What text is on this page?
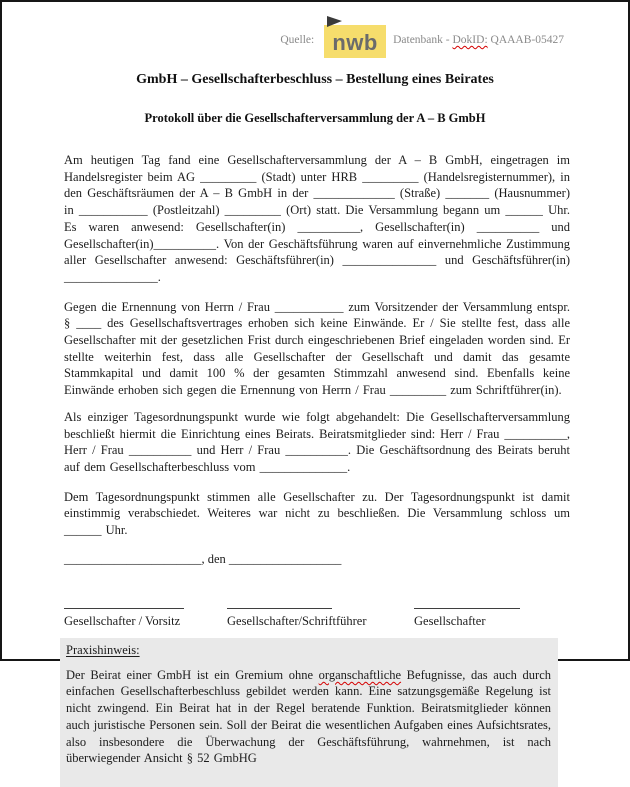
Quelle: nwb Datenbank - DokID: QAAAB-05427
GmbH – Gesellschafterbeschluss – Bestellung eines Beirates
Protokoll über die Gesellschafterversammlung der A – B GmbH

Am heutigen Tag fand eine Gesellschafterversammlung der A – B GmbH, eingetragen im Handelsregister beim AG _________ (Stadt) unter HRB _________ (Handelsregisternummer), in den Geschäftsräumen der A – B GmbH in der _____________ (Straße) _______ (Hausnummer) in ___________ (Postleitzahl) _________ (Ort) statt. Die Versammlung begann um ______ Uhr. Es waren anwesend: Gesellschafter(in) __________, Gesellschafter(in) __________ und Gesellschafter(in)__________. Von der Geschäftsführung waren auf einvernehmliche Zustimmung aller Gesellschafter anwesend: Geschäftsführer(in) _______________ und Geschäftsführer(in) _______________.

Gegen die Ernennung von Herrn / Frau ___________ zum Vorsitzender der Versammlung entspr. § ____ des Gesellschaftsvertrages erhoben sich keine Einwände. Er / Sie stellte fest, dass alle Gesellschafter mit der gesetzlichen Frist durch eingeschriebenen Brief eingeladen worden sind. Er stellte weiterhin fest, dass alle Gesellschafter der Gesellschaft und damit das gesamte Stammkapital und damit 100 % der gesamten Stimmzahl anwesend sind. Ebenfalls keine Einwände erhoben sich gegen die Ernennung von Herrn / Frau _________ zum Schriftführer(in).

Als einziger Tagesordnungspunkt wurde wie folgt abgehandelt: Die Gesellschafterversammlung beschließt hiermit die Einrichtung eines Beirats. Beiratsmitglieder sind: Herr / Frau __________, Herr / Frau __________ und Herr / Frau __________. Die Geschäftsordnung des Beirats beruht auf dem Gesellschafterbeschluss vom ______________.

Dem Tagesordnungspunkt stimmen alle Gesellschafter zu. Der Tagesordnungspunkt ist damit einstimmig verabschiedet. Weiteres war nicht zu beschließen. Die Versammlung schloss um ______ Uhr.

______________________, den __________________
Gesellschafter / Vorsitz	Gesellschafter/Schriftführer	Gesellschafter
Praxishinweis:
Der Beirat einer GmbH ist ein Gremium ohne organschaftliche Befugnisse, das auch durch einfachen Gesellschafterbeschluss gebildet werden kann. Eine satzungsgemäße Regelung ist nicht zwingend. Ein Beirat hat in der Regel beratende Funktion. Beiratsmitglieder können auch juristische Personen sein. Soll der Beirat die wesentlichen Aufgaben eines Aufsichtsrates, also insbesondere die Überwachung der Geschäftsführung, wahrnehmen, ist nach überwiegender Ansicht § 52 GmbHG
